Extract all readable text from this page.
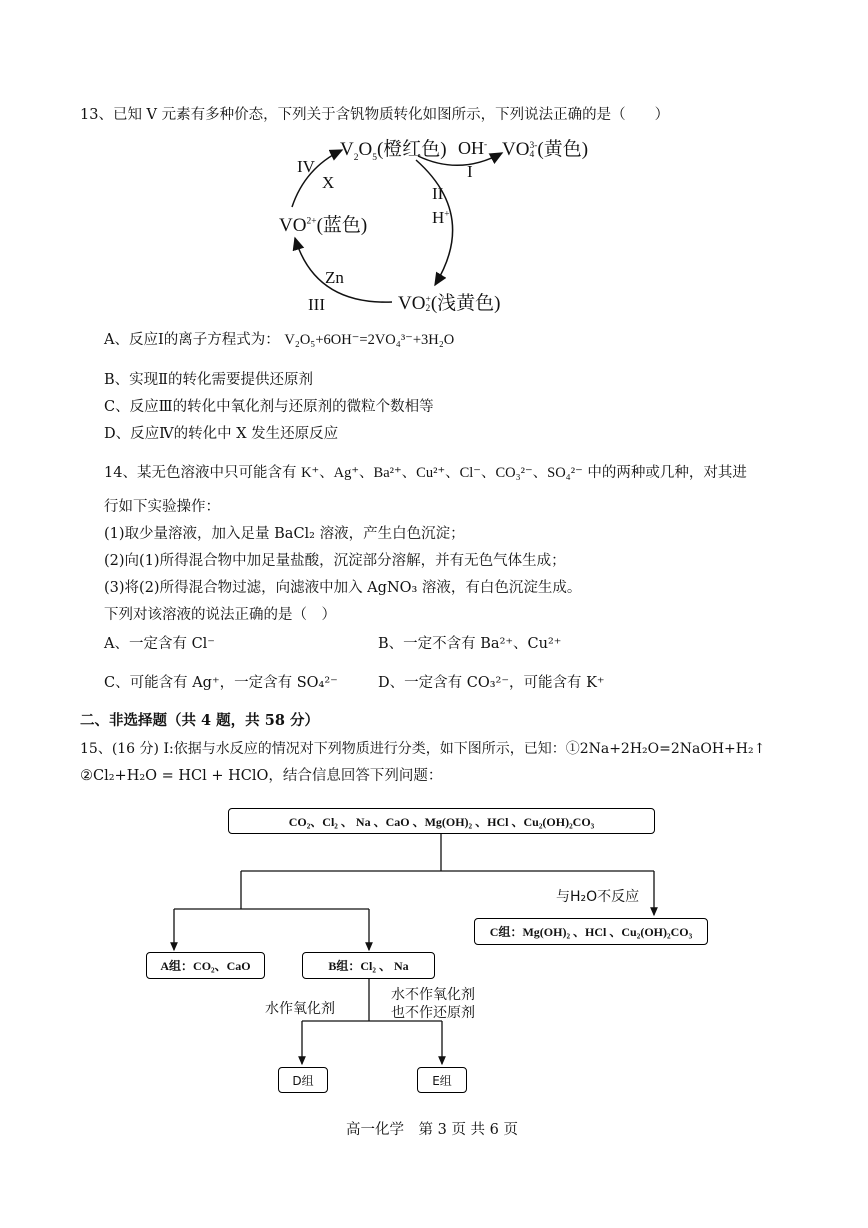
13、已知 V 元素有多种价态，下列关于含钒物质转化如图所示，下列说法正确的是（　　）
$V_2O_5$(橙红色) OH- VO 3-
4 (黄色)
I
IV
X
II
H+
$VO^{2+}$(蓝色)
Zn
III	VO +
2 (浅黄色)
A、反应Ⅰ的离子方程式为： V₂O₅+6OH⁻=2VO₄³⁻+3H₂O
B、实现Ⅱ的转化需要提供还原剂
C、反应Ⅲ的转化中氧化剂与还原剂的微粒个数相等
D、反应Ⅳ的转化中 X 发生还原反应
14、某无色溶液中只可能含有 K⁺、Ag⁺、Ba²⁺、Cu²⁺、Cl⁻、CO₃²⁻、SO₄²⁻ 中的两种或几种，对其进
行如下实验操作：
(1)取少量溶液，加入足量 BaCl₂ 溶液，产生白色沉淀；
(2)向(1)所得混合物中加足量盐酸，沉淀部分溶解，并有无色气体生成；
(3)将(2)所得混合物过滤，向滤液中加入 AgNO₃ 溶液，有白色沉淀生成。
下列对该溶液的说法正确的是（　）
A、一定含有 Cl⁻	B、一定不含有 Ba²⁺、Cu²⁺
C、可能含有 Ag⁺，一定含有 SO₄²⁻	D、一定含有 CO₃²⁻，可能含有 K⁺
二、非选择题（共 4 题，共 58 分）
15、(16 分) Ⅰ:依据与水反应的情况对下列物质进行分类，如下图所示，已知：①2Na+2H₂O=2NaOH+H₂↑
②Cl₂+H₂O = HCl + HClO，结合信息回答下列问题：
CO₂、Cl₂ 、 Na 、CaO 、Mg(OH)₂ 、HCl 、Cu₂(OH)₂CO₃
与H₂O不反应
C组：Mg(OH)₂ 、HCl 、Cu₂(OH)₂CO₃
A组：CO₂、CaO	B组：Cl₂ 、 Na
水作氧化剂
水不作氧化剂
也不作还原剂
D组	E组
高一化学　第 3 页 共 6 页
